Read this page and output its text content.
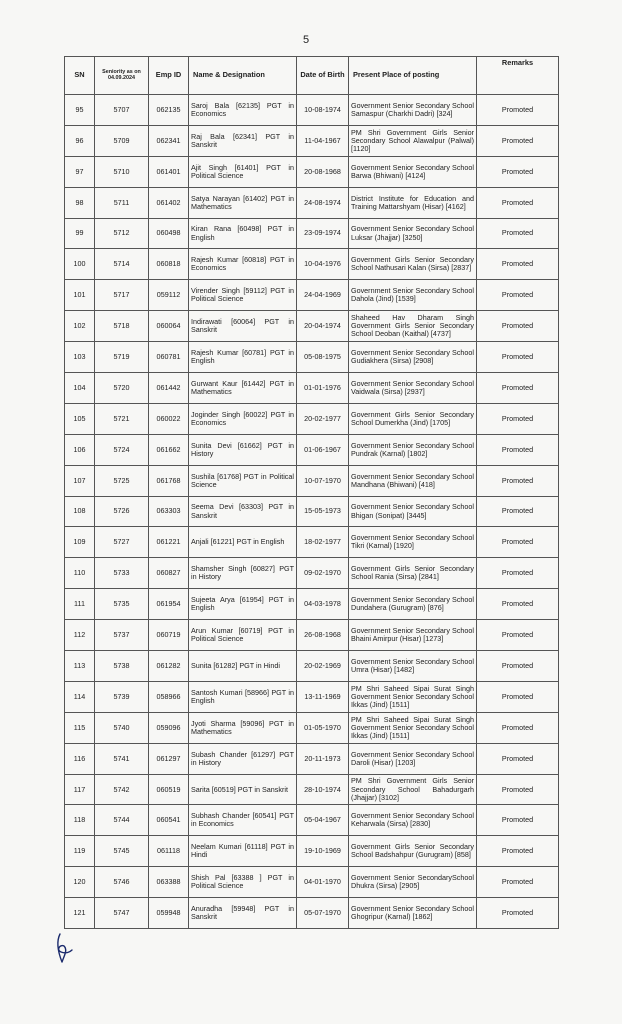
5
SN	Seniority as on 04.09.2024	Emp ID	Name & Designation	Date of Birth	Present Place of posting	Remarks
95	5707	062135	Saroj Bala [62135] PGT in Economics	10-08-1974	Government Senior Secondary School Samaspur (Charkhi Dadri) [324]	Promoted
96	5709	062341	Raj Bala [62341] PGT in Sanskrit	11-04-1967	PM Shri Government Girls Senior Secondary School Alawalpur (Palwal) [1120]	Promoted
97	5710	061401	Ajit Singh [61401] PGT in Political Science	20-08-1968	Government Senior Secondary School Barwa (Bhiwani) [4124]	Promoted
98	5711	061402	Satya Narayan [61402] PGT in Mathematics	24-08-1974	District Institute for Education and Training Mattarshyam (Hisar) [4162]	Promoted
99	5712	060498	Kiran Rana [60498] PGT in English	23-09-1974	Government Senior Secondary School Luksar (Jhajjar) [3250]	Promoted
100	5714	060818	Rajesh Kumar [60818] PGT in Economics	10-04-1976	Government Girls Senior Secondary School Nathusari Kalan (Sirsa) [2837]	Promoted
101	5717	059112	Virender Singh [59112] PGT in Political Science	24-04-1969	Government Senior Secondary School Dahola (Jind) [1539]	Promoted
102	5718	060064	Indirawati [60064] PGT in Sanskrit	20-04-1974	Shaheed Hav Dharam Singh Government Girls Senior Secondary School Deoban (Kaithal) [4737]	Promoted
103	5719	060781	Rajesh Kumar [60781] PGT in English	05-08-1975	Government Senior Secondary School Gudiakhera (Sirsa) [2908]	Promoted
104	5720	061442	Gurwant Kaur [61442] PGT in Mathematics	01-01-1976	Government Senior Secondary School Vaidwala (Sirsa) [2937]	Promoted
105	5721	060022	Joginder Singh [60022] PGT in Economics	20-02-1977	Government Girls Senior Secondary School Dumerkha (Jind) [1705]	Promoted
106	5724	061662	Sunita Devi [61662] PGT in History	01-06-1967	Government Senior Secondary School Pundrak (Karnal) [1802]	Promoted
107	5725	061768	Sushila [61768] PGT in Political Science	10-07-1970	Government Senior Secondary School Mandhana (Bhiwani) [418]	Promoted
108	5726	063303	Seema Devi [63303] PGT in Sanskrit	15-05-1973	Government Senior Secondary School Bhigan (Sonipat) [3445]	Promoted
109	5727	061221	Anjali [61221] PGT in English	18-02-1977	Government Senior Secondary School Tikri (Karnal) [1920]	Promoted
110	5733	060827	Shamsher Singh [60827] PGT in History	09-02-1970	Government Girls Senior Secondary School Rania (Sirsa) [2841]	Promoted
111	5735	061954	Sujeeta Arya [61954] PGT in English	04-03-1978	Government Senior Secondary School Dundahera (Gurugram) [876]	Promoted
112	5737	060719	Arun Kumar [60719] PGT in Political Science	26-08-1968	Government Senior Secondary School Bhaini Amirpur (Hisar) [1273]	Promoted
113	5738	061282	Sunita [61282] PGT in Hindi	20-02-1969	Government Senior Secondary School Umra (Hisar) [1482]	Promoted
114	5739	058966	Santosh Kumari [58966] PGT in English	13-11-1969	PM Shri Saheed Sipai Surat Singh Government Senior Secondary School Ikkas (Jind) [1511]	Promoted
115	5740	059096	Jyoti Sharma [59096] PGT in Mathematics	01-05-1970	PM Shri Saheed Sipai Surat Singh Government Senior Secondary School Ikkas (Jind) [1511]	Promoted
116	5741	061297	Subash Chander [61297] PGT in History	20-11-1973	Government Senior Secondary School Daroli (Hisar) [1203]	Promoted
117	5742	060519	Sarita [60519] PGT in Sanskrit	28-10-1974	PM Shri Government Girls Senior Secondary School Bahadurgarh (Jhajjar) [3102]	Promoted
118	5744	060541	Subhash Chander [60541] PGT in Economics	05-04-1967	Government Senior Secondary School Keharwala (Sirsa) [2830]	Promoted
119	5745	061118	Neelam Kumari [61118] PGT in Hindi	19-10-1969	Government Girls Senior Secondary School Badshahpur (Gurugram) [858]	Promoted
120	5746	063388	Shish Pal [63388 ] PGT in Political Science	04-01-1970	Government Senior SecondarySchool Dhukra (Sirsa) [2905]	Promoted
121	5747	059948	Anuradha [59948] PGT in Sanskrit	05-07-1970	Government Senior Secondary School Ghogripur (Karnal) [1862]	Promoted
